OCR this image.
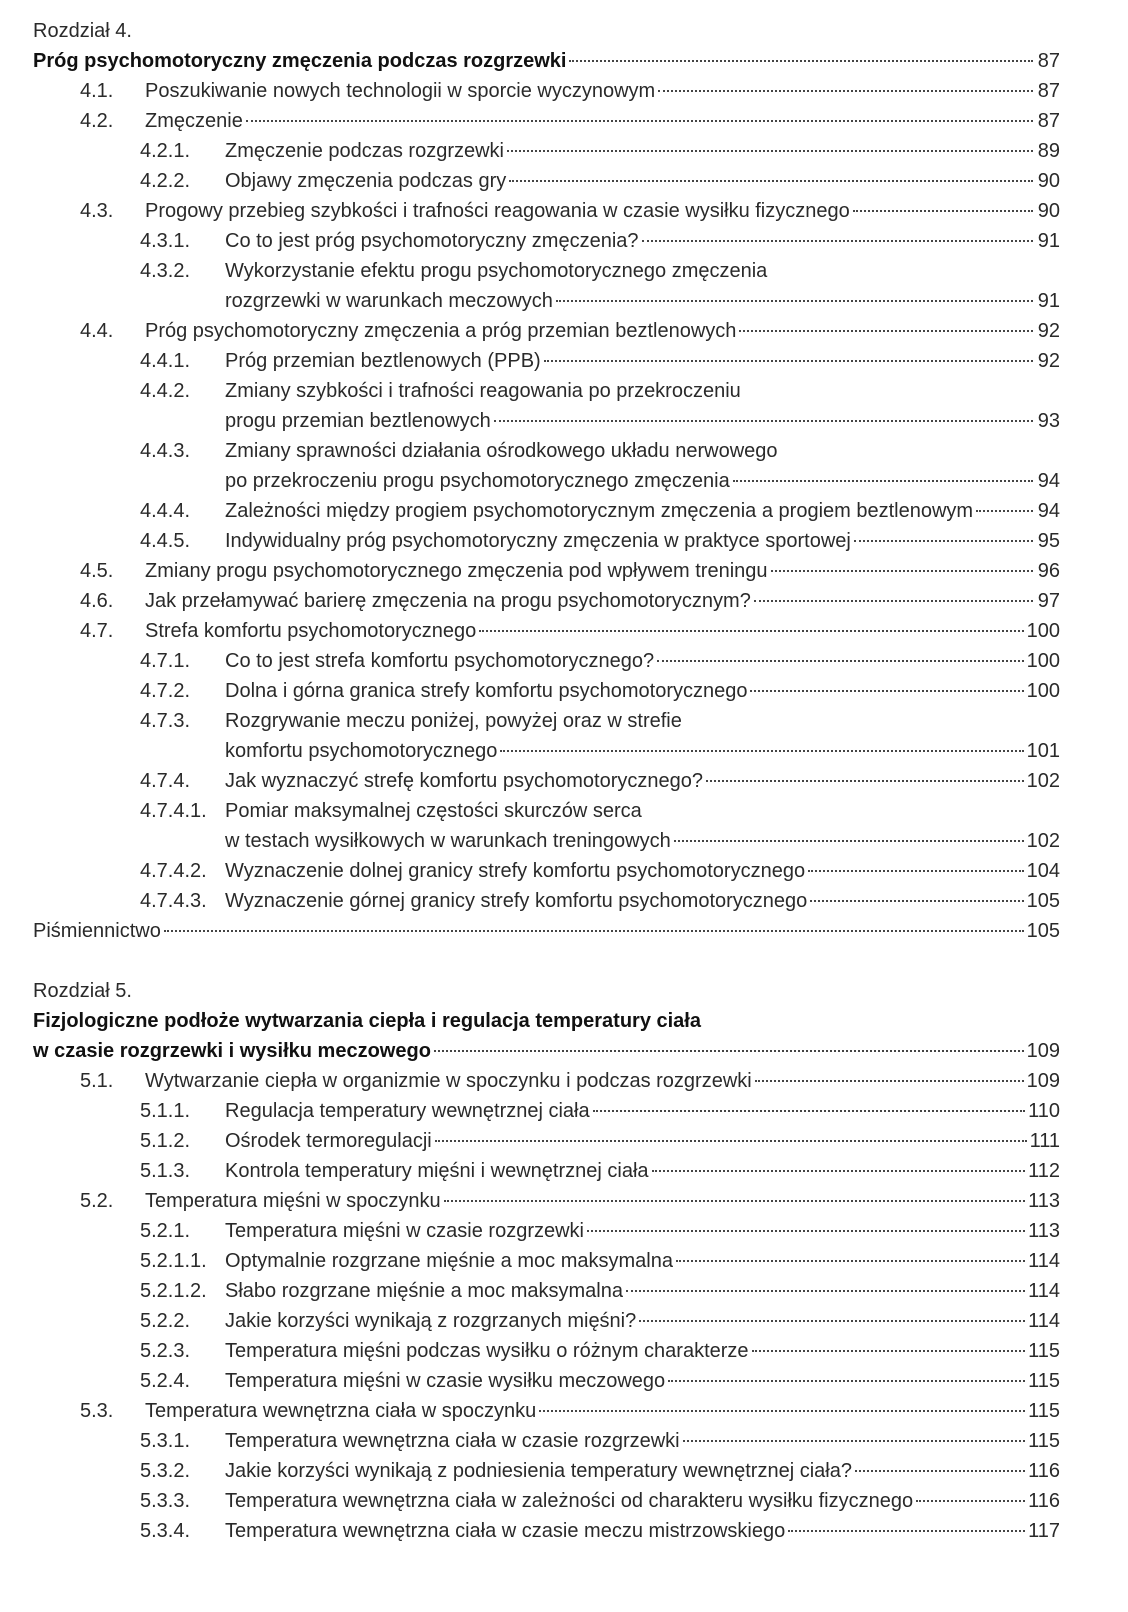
Rozdział 4.
Próg psychomotoryczny zmęczenia podczas rozgrzewki	87
4.1. Poszukiwanie nowych technologii w sporcie wyczynowym	87
4.2. Zmęczenie	87
4.2.1. Zmęczenie podczas rozgrzewki	89
4.2.2. Objawy zmęczenia podczas gry	90
4.3. Progowy przebieg szybkości i trafności reagowania w czasie wysiłku fizycznego	90
4.3.1. Co to jest próg psychomotoryczny zmęczenia?	91
4.3.2. Wykorzystanie efektu progu psychomotorycznego zmęczenia
rozgrzewki w warunkach meczowych	91
4.4. Próg psychomotoryczny zmęczenia a próg przemian beztlenowych	92
4.4.1. Próg przemian beztlenowych (PPB)	92
4.4.2. Zmiany szybkości i trafności reagowania po przekroczeniu
progu przemian beztlenowych	93
4.4.3. Zmiany sprawności działania ośrodkowego układu nerwowego
po przekroczeniu progu psychomotorycznego zmęczenia	94
4.4.4. Zależności między progiem psychomotorycznym zmęczenia a progiem beztlenowym	94
4.4.5. Indywidualny próg psychomotoryczny zmęczenia w praktyce sportowej	95
4.5. Zmiany progu psychomotorycznego zmęczenia pod wpływem treningu	96
4.6. Jak przełamywać barierę zmęczenia na progu psychomotorycznym?	97
4.7. Strefa komfortu psychomotorycznego	100
4.7.1. Co to jest strefa komfortu psychomotorycznego?	100
4.7.2. Dolna i górna granica strefy komfortu psychomotorycznego	100
4.7.3. Rozgrywanie meczu poniżej, powyżej oraz w strefie
komfortu psychomotorycznego	101
4.7.4. Jak wyznaczyć strefę komfortu psychomotorycznego?	102
4.7.4.1. Pomiar maksymalnej częstości skurczów serca
w testach wysiłkowych w warunkach treningowych	102
4.7.4.2. Wyznaczenie dolnej granicy strefy komfortu psychomotorycznego	104
4.7.4.3. Wyznaczenie górnej granicy strefy komfortu psychomotorycznego	105
Piśmiennictwo	105
Rozdział 5.
Fizjologiczne podłoże wytwarzania ciepła i regulacja temperatury ciała
w czasie rozgrzewki i wysiłku meczowego	109
5.1. Wytwarzanie ciepła w organizmie w spoczynku i podczas rozgrzewki	109
5.1.1. Regulacja temperatury wewnętrznej ciała	110
5.1.2. Ośrodek termoregulacji	111
5.1.3. Kontrola temperatury mięśni i wewnętrznej ciała	112
5.2. Temperatura mięśni w spoczynku	113
5.2.1. Temperatura mięśni w czasie rozgrzewki	113
5.2.1.1. Optymalnie rozgrzane mięśnie a moc maksymalna	114
5.2.1.2. Słabo rozgrzane mięśnie a moc maksymalna	114
5.2.2. Jakie korzyści wynikają z rozgrzanych mięśni?	114
5.2.3. Temperatura mięśni podczas wysiłku o różnym charakterze	115
5.2.4. Temperatura mięśni w czasie wysiłku meczowego	115
5.3. Temperatura wewnętrzna ciała w spoczynku	115
5.3.1. Temperatura wewnętrzna ciała w czasie rozgrzewki	115
5.3.2. Jakie korzyści wynikają z podniesienia temperatury wewnętrznej ciała?	116
5.3.3. Temperatura wewnętrzna ciała w zależności od charakteru wysiłku fizycznego	116
5.3.4. Temperatura wewnętrzna ciała w czasie meczu mistrzowskiego	117
